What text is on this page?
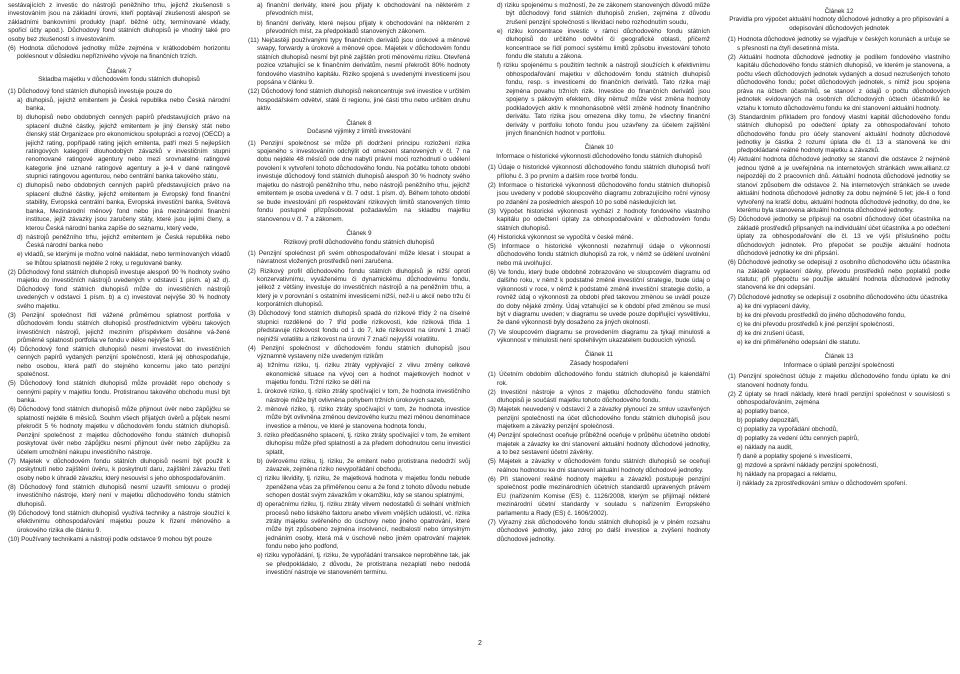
sestávajících z investic do nástrojů peněžního trhu, jejichž zkušenosti s investováním jsou na základní úrovni, kteří poptávají zkušenosti alespoň se základními bankovními produkty (např. běžné účty, termínované vklady, spořicí účty apod.). Důchodový fond státních dluhopisů je vhodný také pro osoby bez zkušeností s investováním.

(6) Hodnota důchodové jednotky může zejména v krátkodobém horizontu poklesnout v důsledku nepříznivého vývoje na finančních trzích.

Článek 7
Skladba majetku v důchodovém fondu státních dluhopisů

(1) Důchodový fond státních dluhopisů investuje pouze do

a) dluhopisů, jejichž emitentem je Česká republika nebo Česká národní banka,

b) dluhopisů nebo obdobných cenných papírů představujících právo na splacení dlužné částky, jejichž emitentem je jiný členský stát nebo členský stát Organizace pro ekonomickou spolupráci a rozvoj (OECD) a jejichž rating, popřípadě rating jejich emitenta, patří mezi 5 nejlepších ratingových kategorií dlouhodobých závazků v investičním stupni renomované ratingové agentury nebo mezi srovnatelné ratingové kategorie jiné uznané ratingové agentury a je-li v dané ratingové stupnici ratingovou agenturou, nebo centrální banka takového státu,

c) dluhopisů nebo obdobných cenných papírů představujících právo na splacení dlužné částky, jejichž emitentem je Evropský fond finanční stability, Evropská centrální banka, Evropská investiční banka, Světová banka, Mezinárodní měnový fond nebo jiná mezinárodní finanční instituce, jejíž závazky jsou zaručeny státy, které jsou jejími členy, a kterou Česká národní banka zapíše do seznamu, který vede,

d) nástrojů peněžního trhu, jejichž emitentem je Česká republika nebo Česká národní banka nebo

e) vkladů, se kterými je možno volně nakládat, nebo termínovaných vkladů se lhůtou splatnosti nejdéle 2 roky, u regulované banky.

(2) Důchodový fond státních dluhopisů investuje alespoň 90 % hodnoty svého majetku do investičních nástrojů uvedených v odstavci 1 písm. a) až d). Důchodový fond státních dluhopisů může do investičních nástrojů uvedených v odstavci 1 písm. b) a c) investovat nejvýše 30 % hodnoty svého majetku.

(3) Penzijní společnost řídí vážené průměrnou splatnost portfolia v důchodovém fondu státních dluhopisů prostřednictvím výběru takových investičních nástrojů, jejichž meziním příspěvkem dosáhne vá-žené průměrné splatnosti portfolia ve fondu v délce nejvýše 5 let.

(4) Důchodový fond státních dluhopisů nesmí investovat do investičních cenných papírů vydaných penzijní společností, která jej obhospodařuje, nebo osobou, která patří do stejného koncernu jako tato penzijní společnost.

(5) Důchodový fond státních dluhopisů může provádět repo obchody s cennými papíry v majetku fondu. Protistranou takového obchodu musí být banka.

(6) Důchodový fond státních dluhopisů může přijmout úvěr nebo zápůjčku se splatností nejdéle 6 měsíců. Souhrn všech přijatých úvěrů a půjček nesmí překročit 5 % hodnoty majetku v důchodovém fondu státních dluhopisů. Penzijní společnost z majetku důchodového fondu státních dluhopisů poskytovat úvěr nebo zápůjčku nesmí přijmout úvěr nebo zápůjčku za účelem umožnění nákupu investičního nástroje.

(7) Majetek v důchodovém fondu státních dluhopisů nesmí být použit k poskytnutí nebo zajištění úvěru, k poskytnutí daru, zajištění závazku třetí osoby nebo k úhradě závazku, který nesouvisí s jeho obhospodařováním.

(8) Důchodový fond státních dluhopisů nesmí uzavřít smlouvu o prodeji investičního nástroje, který není v majetku důchodového fondu státních dluhopisů.

(9) Důchodový fond státních dluhopisů využívá techniky a nástroje sloužící k efektivnímu obhospodařování majetku pouze k řízení měnového a úrokového rizika dle článku 9.

(10) Používaný technikami a nástroji podle odstavce 9 mohou být pouze

a) finanční deriváty, které jsou přijaty k obchodování na některém z převodních míst,

b) finanční deriváty, které nejsou přijaty k obchodování na některém z převodních míst, za předpokladů stanovených zákonem.

(11) Nejčastěji používanými typy finančních derivátů jsou úrokové a měnové swapy, forwardy a úrokové a měnové opce. Majetek v důchodovém fondu státních dluhopisů nesmí být plně zajištěn proti měnovému riziku. Otevřená pozice vztahující se k finančním derivátům, nesmí překročit 80% hodnoty fondového vlastního kapitálu. Riziko spojená s uvedenými investicemi jsou popsána v článku 9.

(12) Důchodový fond státních dluhopisů nekoncentruje své investice v určitém hospodářském odvětví, státě či regionu, jiné části trhu nebo určitém druhu aktiv.

Článek 8
Dočasné výjimky z limitů investování

(1) Penzijní společnost se může při dodržení principu rozložení rizika spojeného s investováním odchýlit od omezení stanovených v čl. 7 na dobu nejdéle 48 měsíců ode dne nabytí právní moci rozhodnutí o udělení povolení k vytvoření tohoto důchodového fondu. Na počátku tohoto období investuje důchodový fond státních dluhopisů alespoň 30 % hodnoty svého majetku do nástrojů peněžního trhu, nebo nástrojů peněžního trhu, jejichž emitentem je osoba uvedená v čl. 7 odst. 1 písm. d). Během tohoto období se bude investování při respektování rizikových limitů stanovených tímto fondu postupně přizpůsobovat požadavkům na skladbu majetku stanovenou v čl. 7 a zákonem.

Článek 9
Rizikový profil důchodového fondu státních dluhopisů

(1) Penzijní společnost při svém obhospodařování může klesat i stoupat a návratnost vložených prostředků není zaručena.

(2) Rizikový profil důchodového fondu státních dluhopisů je nižší oproti konzervativnímu, vyváženému či dynamickému důchodovému fondu, jelikož z většiny investuje do investičních nástrojů a na peněžním trhu, a který je v porovnání s ostatními investicemi nižší, než-li u akcií nebo tržu či korporátních dluhopisů.

(3) Důchodový fond státních dluhopisů spadá do rizikové třídy 2 na číselné stupnici rozdělené do 7 tříd podle rizikovosti, kde riziková třída 1 představuje rizikovost fondu od 1 do 7, kde rizikovost na úrovni 1 značí nejnižší volatilitu a rizikovost na úrovni 7 značí nejvyšší volatilitu.

(4) Penzijní společnost v důchodovém fondu státních dluhopisů jsou významně vystaveny níže uvedeným rizikům

a) tržnímu riziku, tj. riziku ztráty vyplývající z vlivu změny celkové ekonomické situace na vývoj cen a hodnot majetkových hodnot v majetku fondu. Tržní riziko se dělí na

1. úrokové riziko, tj. riziko ztráty spočívající v tom, že hodnota investičního nástroje může být ovlivněna pohybem tržních úrokových sazeb,

2. měnové riziko, tj. riziko ztráty spočívající v tom, že hodnota investice může být ovlivněna změnou devizového kurzu mezi měnou denominace investice a měnou, ve které je stanovena hodnota fondu,

3. riziko předčasného splacení, tj. riziko ztráty spočívající v tom, že emitent dluhopisu může před splatností a za předem dohodnutou cenu investici splatit,

b) úvěrovému riziku, tj. riziku, že emitent nebo protistrana nedodrží svůj závazek, zejména riziko nevypořádání obchodu,

c) riziku likvidity, tj. riziku, že majetková hodnota v majetku fondu nebude zpeněžena včas za přiměřenou cenu a že fond z tohoto důvodu nebude schopen dostát svým závazkům v okamžiku, kdy se stanou splatnými,

d) operačnímu riziku, tj. riziku ztráty vlivem nedostatků či selhání vnitřních procesů nebo lidského faktoru anebo vlivem vnějších událostí, vč. rizika ztráty majetku svěřeného do úschovy nebo jiného opatrování, které může být způsobeno zejména insolvencí, nedbalostí nebo úmyslným jednáním osoby, která má v úschově nebo jiném opatrování majetek fondu nebo jeho podfond,

e) riziku vypořádání, tj. riziku, že vypořádání transakce neproběhne tak, jak se předpokládalo, z důvodu, že protistrana nezaplatí nebo nedodá investiční nástroje ve stanoveném termínu.

d) riziku spojenému s možností, že ze zákonem stanovených důvodů může být důchodový fond státních dluhopisů zrušen, zejména z důvodu zrušení penzijní společnosti s likvidací nebo rozhodnutím soudu,

e) riziku koncentrace investic v rámci důchodového fondu státních dluhopisů do určitého odvětví či geografické oblasti, přičemž koncentrace se řídí pomocí systému limitů způsobu investování tohoto fondu dle statutu a zákona.

f) riziku spojenému s použitím techník a nástrojů sloužících k efektivnímu obhospodařování majetku v důchodovém fondu státních dluhopisů fondu, resp. s investicemi do finančních derivátů. Tato rizika mají zejména povahu tržních rizik. Investice do finančních derivátů jsou spojeny s pákovým efektem, díky němuž může vést změna hodnoty podkladových aktiv k mnohonásobně větší změně hodnoty finančního derivátu. Tato rizika jsou omezena díky tomu, že všechny finanční deriváty v portfoliu tohoto fondu jsou uzavřeny za účelem zajištění jiných finančních hodnot v portfoliu.

Článek 10
Informace o historické výkonnosti důchodového fondu státních dluhopisů

(1) Údaje o historické výkonnosti důchodového fondu státních dluhopisů tvoří přílohu č. 3 po prvním a dalším roce tvorbě fondu.

(2) Informace o historické výkonnosti důchodového fondu státních dluhopisů jsou uvedeny v podobě sloupcového diagramu zobrazujícího roční výnosy po zdanění za posledních alespoň 10 po sobě následujících let.

(3) Výpočet historické výkonnosti vychází z hodnoty fondového vlastního kapitálu po odečtení úplaty za obhospodařování v důchodovém fondu státních dluhopisů.

(4) Historická výkonnost se vypočítá v české měně.

(5) Informace o historické výkonnosti nezahrnují údaje o výkonnosti důchodového fondu státních dluhopisů za rok, v němž se údělení uvolnění nebo má uvolňující.

(6) Ve fondu, který bude obdobně zobrazováno ve sloupcovém diagramu od dalšího roku, v němž k podstatné změně investiční strategie, bude údaj o výkonnosti v roce, v němž k podstatné změně investiční strategie došlo, a rovněž údaj o výkonnosti za období před takovou změnou se uvádí pouze do doby nějaké změny. Údaj vztahující se k období před změnou se musí být v diagramu uveden; v diagramu se uvede pouze doplňující vysvětlivku, že dané výkonnosti byly dosaženo za jiných okolností.

(7) Ve sloupcovém diagramu se provedením diagramu za týkají minulosti a výkonnost v minulosti není spolehlivým ukazatelem budoucích výnosů.

Článek 11
Zásady hospodaření

(1) Účetním obdobím důchodového fondu státních dluhopisů je kalendářní rok.

(2) Investiční nástroje a výnos z majetku důchodového fondu státních dluhopisů je součástí majetku tohoto důchodového fondu.

(3) Majetek neuvedený v odstavci 2 a závazky plynoucí ze smluv uzavřených penzijní společností na účet důchodového fondu státních dluhopisů jsou majetkem a závazky penzijní společnosti.

(4) Penzijní společnost oceňuje průběžně oceňuje v průběhu účetního období majetek a závazky ke dni stanovení aktuální hodnoty důchodové jednotky, a to bez sestavení účetní závěrky.

(5) Majetek a závazky v důchodovém fondu státních dluhopisů se oceňují reálnou hodnotou ke dni stanovení aktuální hodnoty důchodové jednotky.

(6) Při stanovení reálné hodnoty majetku a závazků postupuje penzijní společnost podle mezinárodních účetních standardů upravených právem EU (nařízením Komise (ES) č. 1126/2008, kterým se přijímají některé mezinárodní účetní standardy v souladu s nařízením Evropského parlamentu a Rady (ES) č. 1606/2002).

(7) Výrazný zisk důchodového fondu státních dluhopisů je v plném rozsahu důchodové jednotky, jako zdroj po další investice a zvýšení hodnoty důchodové jednotky.

Článek 12
Pravidla pro výpočet aktuální hodnoty důchodové jednotky a pro připisování a odepisování důchodových jednotek

(1) Hodnota důchodové jednotky se vyjadřuje v českých korunách a určuje se s přesností na čtyři desetinná místa.

(2) Aktuální hodnota důchodové jednotky je podílem fondového vlastního kapitálu důchodového fondu státních dluhopisů, ve kterém je stanovena, a počtu všech důchodových jednotek vydaných a dosud nezrušených tohoto důchodového fondu; počet důchodových jednotek, s nimiž jsou spojena práva na účtech účastníků, se stanoví z údajů o počtu důchodových jednotek evidovaných na osobních důchodových účtech účastníků ke vztahu k tomuto důchodovému fondu ke dni stanovení aktuální hodnoty.

(3) Standardním příkladem pro fondový vlastní kapitál důchodového fondu státních dluhopisů po odečtení úplaty za obhospodařování tohoto důchodového fondu pro účely stanovení aktuální hodnoty důchodové jednotky je částka 2 rozumí úplata dle čl. 13 a stanovená ke dni předpokládané reálné hodnoty majetku a závazků.

(4) Aktuální hodnota důchodové jednotky se stanoví dle odstavce 2 nejméně jednou týdně a je uveřejněna na internetových stránkách www.allianz.cz nejpozději do 2 pracovních dnů. Aktuální hodnota důchodové jednotky se stanoví způsobem dle odstavce 2. Na internetových stránkách se uvede aktuální hodnota důchodové jednotky za dobu nejméně 5 let; jde-li o fond vytvořený na kratší dobu, aktuální hodnota důchodové jednotky, do dne, ke kterému byla stanovena aktuální hodnota důchodové jednotky.

(5) Důchodové jednotky se připisují na osobní důchodový účet účastníka na základě prostředků připsaných na individuální účet účastníka a po odečtení úplaty za obhospodařování dle čl. 13 ve výši příslušného počtu důchodových jednotek. Pro přepočet se použije aktuální hodnota důchodové jednotky ke dni připsání.

(6) Důchodové jednotky se odepisují z osobního důchodového účtu účastníka na základě vyplacení dávky, převodu prostředků nebo poplatků podle statutu; při přepočtu se použije aktuální hodnota důchodové jednotky stanovená ke dni odepsání.

(7) Důchodové jednotky se odepisují z osobního důchodového účtu účastníka

a) ke dni vyplacení dávky,

b) ke dni převodu prostředků do jiného důchodového fondu,

c) ke dni převodu prostředků k jiné penzijní společnosti,

d) ke dni zrušení účasti,

e) ke dni přiměřeného odepsání dle statutu.

Článek 13
Informace o úplatě penzijní společnosti

(1) Penzijní společnost účtuje z majetku důchodového fondu úplatu ke dni stanovení hodnoty fondu.

(2) Z úplaty se hradí náklady, které hradí penzijní společnost v souvislosti s obhospodařováním, zejména

a) poplatky bance,

b) poplatky depozitáři,

c) poplatky za vypořádání obchodů,

d) poplatky za vedení účtu cenných papírů,

e) náklady na audit,

f) daně a poplatky spojené s investicemi,

g) mzdové a správní náklady penzijní společnosti,

h) náklady na propagaci a reklamu,

i) náklady za zprostředkování smluv o důchodovém spoření.

2
